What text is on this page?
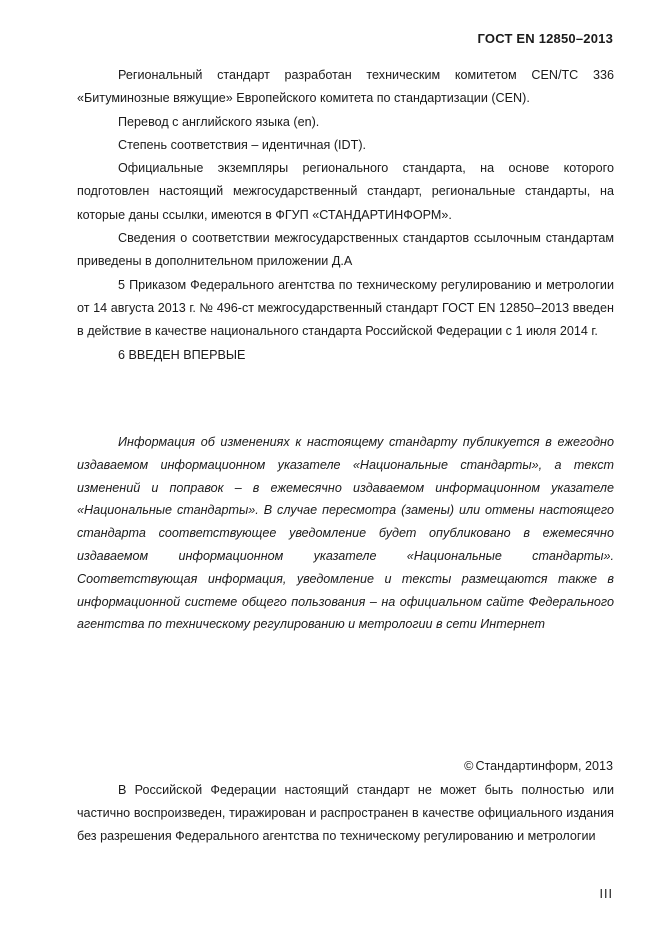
ГОСТ EN 12850–2013

Региональный стандарт разработан техническим комитетом CEN/TC 336 «Битуминозные вяжущие» Европейского комитета по стандартизации (CEN).

Перевод с английского языка (en).

Степень соответствия – идентичная (IDT).

Официальные экземпляры регионального стандарта, на основе которого подготовлен настоящий межгосударственный стандарт, региональные стандарты, на которые даны ссылки, имеются в ФГУП «СТАНДАРТИНФОРМ».

Сведения о соответствии межгосударственных стандартов ссылочным стандартам приведены в дополнительном приложении Д.А

5 Приказом Федерального агентства по техническому регулированию и метрологии от 14 августа 2013 г. № 496-ст межгосударственный стандарт ГОСТ EN 12850–2013 введен в действие в качестве национального стандарта Российской Федерации с 1 июля 2014 г.

6 ВВЕДЕН ВПЕРВЫЕ

Информация об изменениях к настоящему стандарту публикуется в ежегодно издаваемом информационном указателе «Национальные стандарты», а текст изменений и поправок – в ежемесячно издаваемом информационном указателе «Национальные стандарты». В случае пересмотра (замены) или отмены настоящего стандарта соответствующее уведомление будет опубликовано в ежемесячно издаваемом информационном указателе «Национальные стандарты». Соответствующая информация, уведомление и тексты размещаются также в информационной системе общего пользования – на официальном сайте Федерального агентства по техническому регулированию и метрологии в сети Интернет

© Стандартинформ, 2013

В Российской Федерации настоящий стандарт не может быть полностью или частично воспроизведен, тиражирован и распространен в качестве официального издания без разрешения Федерального агентства по техническому регулированию и метрологии

III
